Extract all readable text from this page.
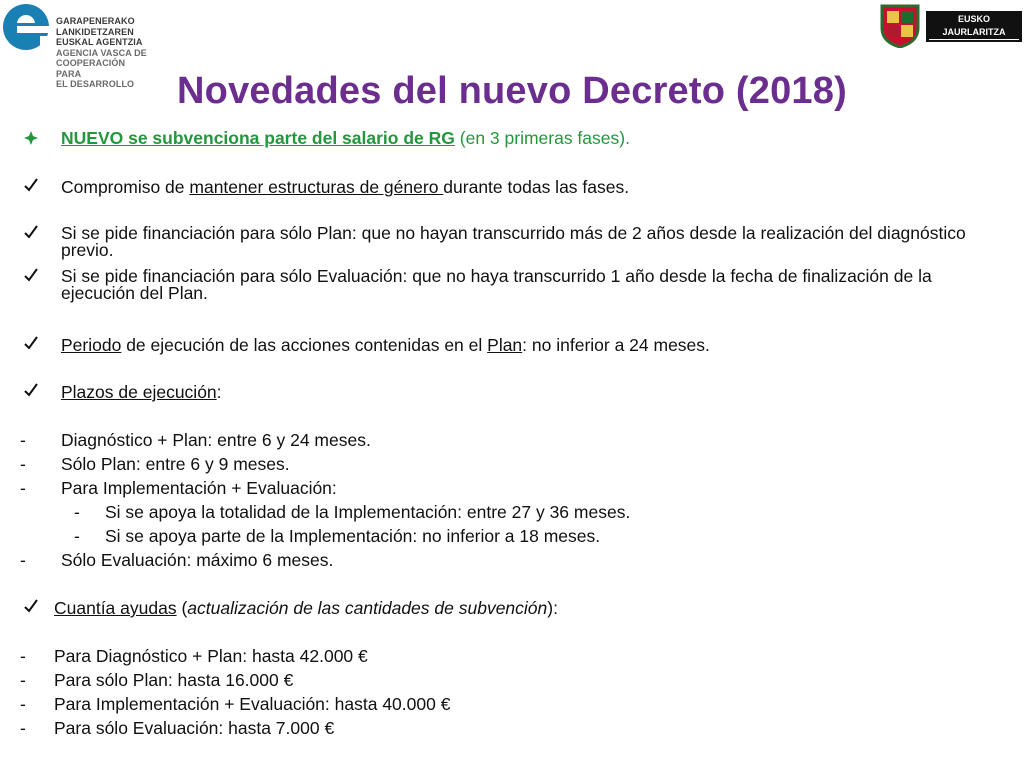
GARAPENERAKO
LANKIDETZAREN
EUSKAL AGENTZIA
AGENCIA VASCA DE
COOPERACIÓN PARA
EL DESARROLLO
EUSKO JAURLARITZA
GOBIERNO VASCO
Novedades del nuevo Decreto (2018)
NUEVO se subvenciona parte del salario de RG (en 3 primeras fases).
Compromiso de mantener estructuras de género durante todas las fases.
Si se pide financiación para sólo Plan: que no hayan transcurrido más de 2 años desde la realización del diagnóstico previo.
Si se pide financiación para sólo Evaluación: que no haya transcurrido 1 año desde la fecha de finalización de la ejecución del Plan.
Periodo de ejecución de las acciones contenidas en el Plan: no inferior a 24 meses.
Plazos de ejecución:
- Diagnóstico + Plan: entre 6 y 24 meses.
- Sólo Plan: entre 6 y 9 meses.
- Para Implementación + Evaluación:
- Si se apoya la totalidad de la Implementación: entre 27 y 36 meses.
- Si se apoya parte de la Implementación: no inferior a 18 meses.
- Sólo Evaluación: máximo 6 meses.
Cuantía ayudas (actualización de las cantidades de subvención):
- Para Diagnóstico + Plan: hasta 42.000 €
- Para sólo Plan: hasta 16.000 €
- Para Implementación + Evaluación: hasta 40.000 €
- Para sólo Evaluación: hasta 7.000 €
